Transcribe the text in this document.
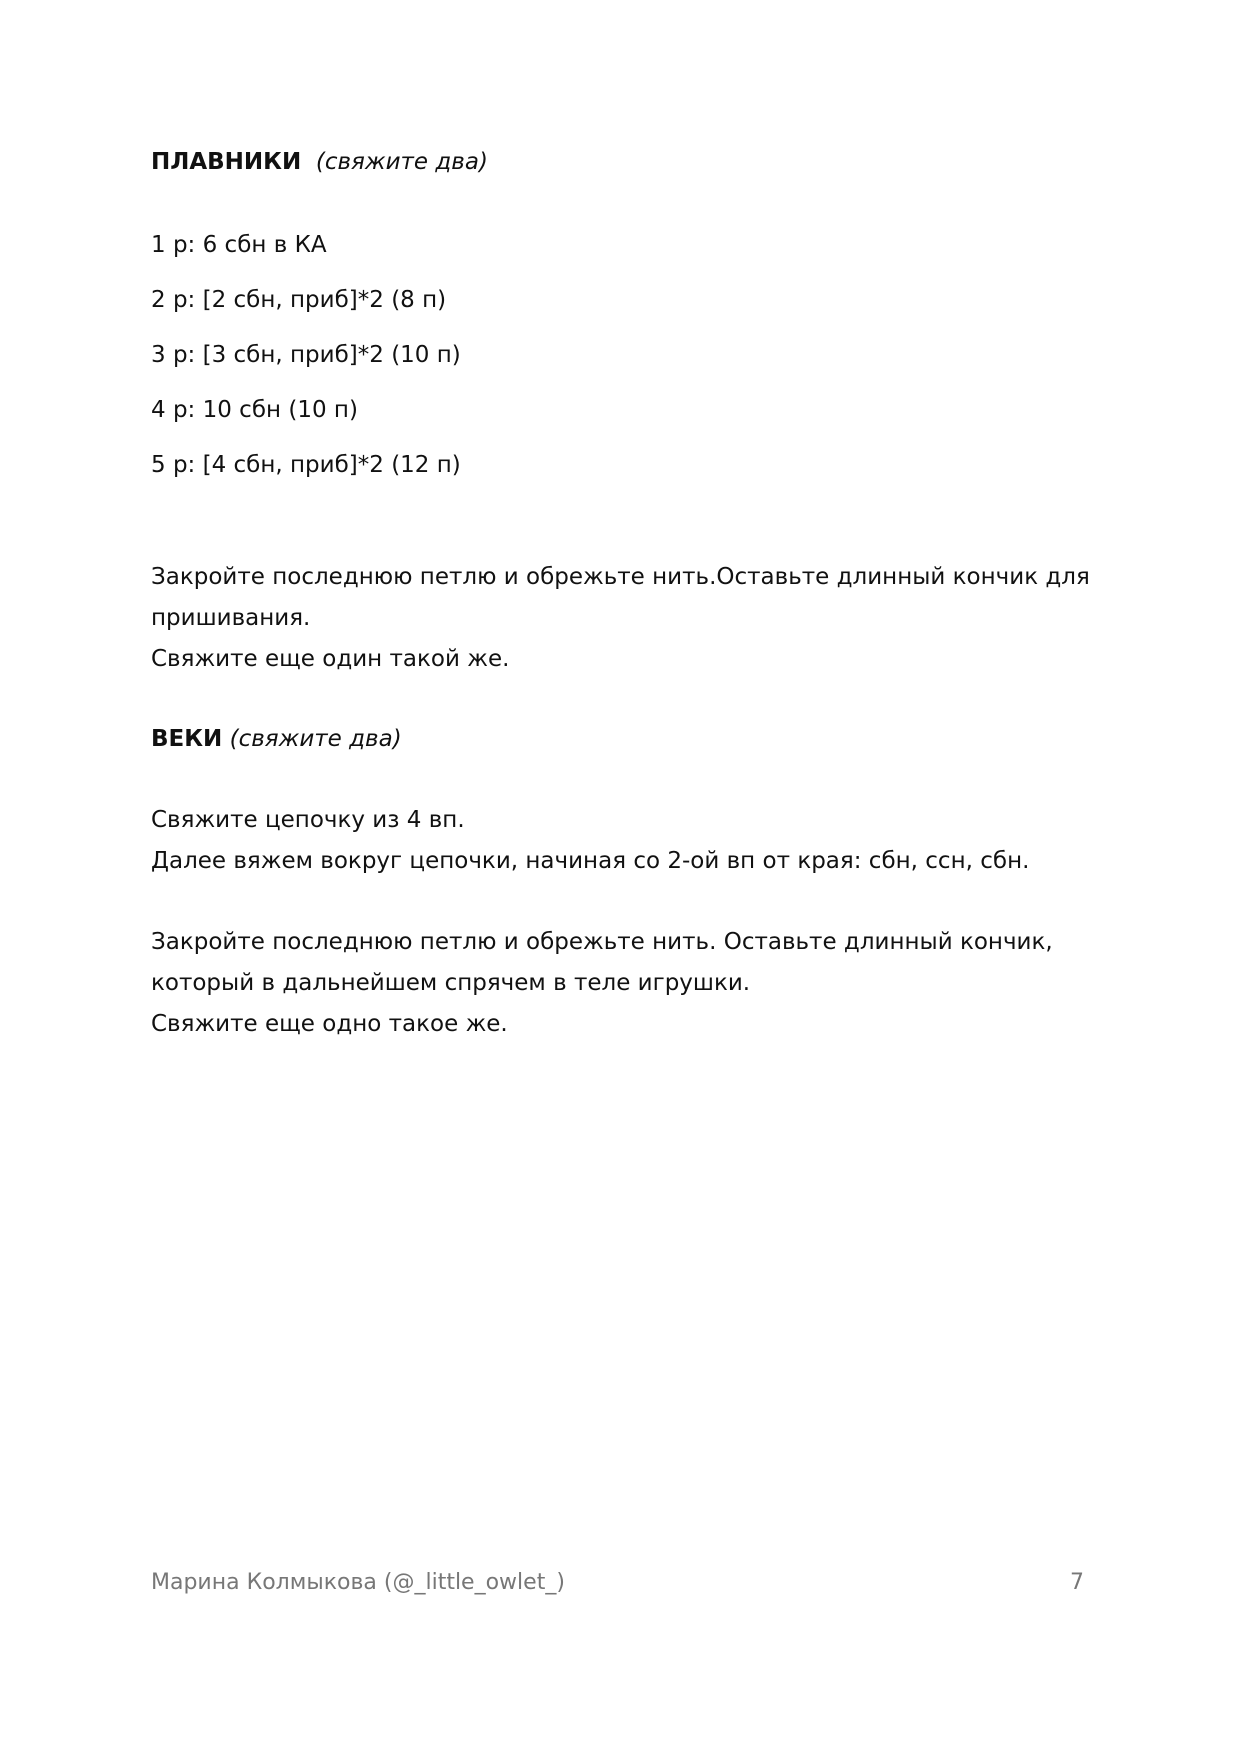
ПЛАВНИКИ (свяжите два)
1 р: 6 сбн в КА
2 р: [2 сбн, приб]*2 (8 п)
3 р: [3 сбн, приб]*2 (10 п)
4 р: 10 сбн (10 п)
5 р: [4 сбн, приб]*2 (12 п)
Закройте последнюю петлю и обрежьте нить.Оставьте длинный кончик для
пришивания.
Свяжите еще один такой же.
ВЕКИ (свяжите два)
Свяжите цепочку из 4 вп.
Далее вяжем вокруг цепочки, начиная со 2-ой вп от края: сбн, ссн, сбн.
Закройте последнюю петлю и обрежьте нить. Оставьте длинный кончик,
который в дальнейшем спрячем в теле игрушки.
Свяжите еще одно такое же.
Марина Колмыкова (@_little_owlet_)	7
